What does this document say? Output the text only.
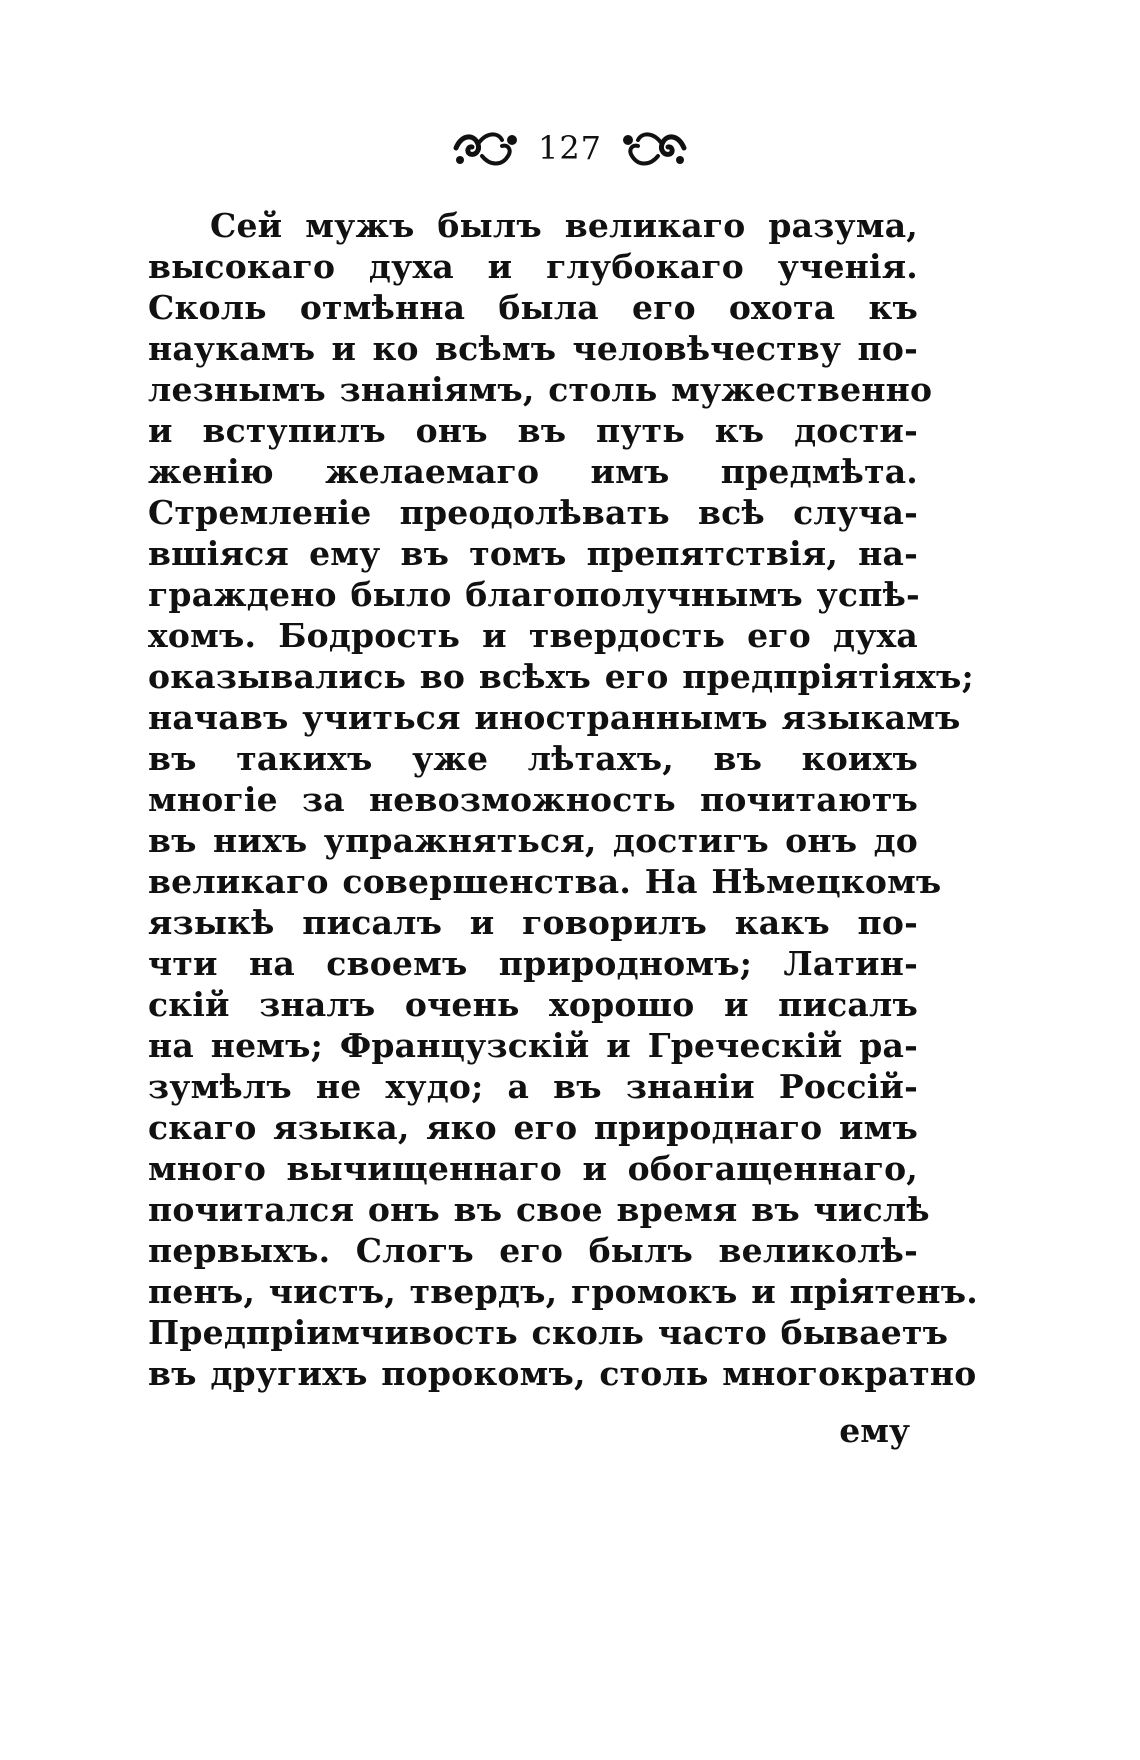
127
Сей мужъ былъ великаго разума,
высокаго духа и глубокаго ученія.
Сколь отмѣнна была его охота къ
наукамъ и ко всѣмъ человѣчеству по-
лезнымъ знаніямъ, столь мужественно
и вступилъ онъ въ путь къ дости-
женію желаемаго имъ предмѣта.
Стремленіе преодолѣвать всѣ случа-
вшіяся ему въ томъ препятствія, на-
граждено было благополучнымъ успѣ-
хомъ. Бодрость и твердость его духа
оказывались во всѣхъ его предпріятіяхъ;
начавъ учиться иностраннымъ языкамъ
въ такихъ уже лѣтахъ, въ коихъ
многіе за невозможность почитаютъ
въ нихъ упражняться, достигъ онъ до
великаго совершенства. На Нѣмецкомъ
языкѣ писалъ и говорилъ какъ по-
чти на своемъ природномъ; Латин-
скій зналъ очень хорошо и писалъ
на немъ; Французскій и Греческій ра-
зумѣлъ не худо; а въ знаніи Россій-
скаго языка, яко его природнаго имъ
много вычищеннаго и обогащеннаго,
почитался онъ въ свое время въ числѣ
первыхъ. Слогъ его былъ великолѣ-
пенъ, чистъ, твердъ, громокъ и пріятенъ.
Предпріимчивость сколь часто бываетъ
въ другихъ порокомъ, столь многократно
ему
